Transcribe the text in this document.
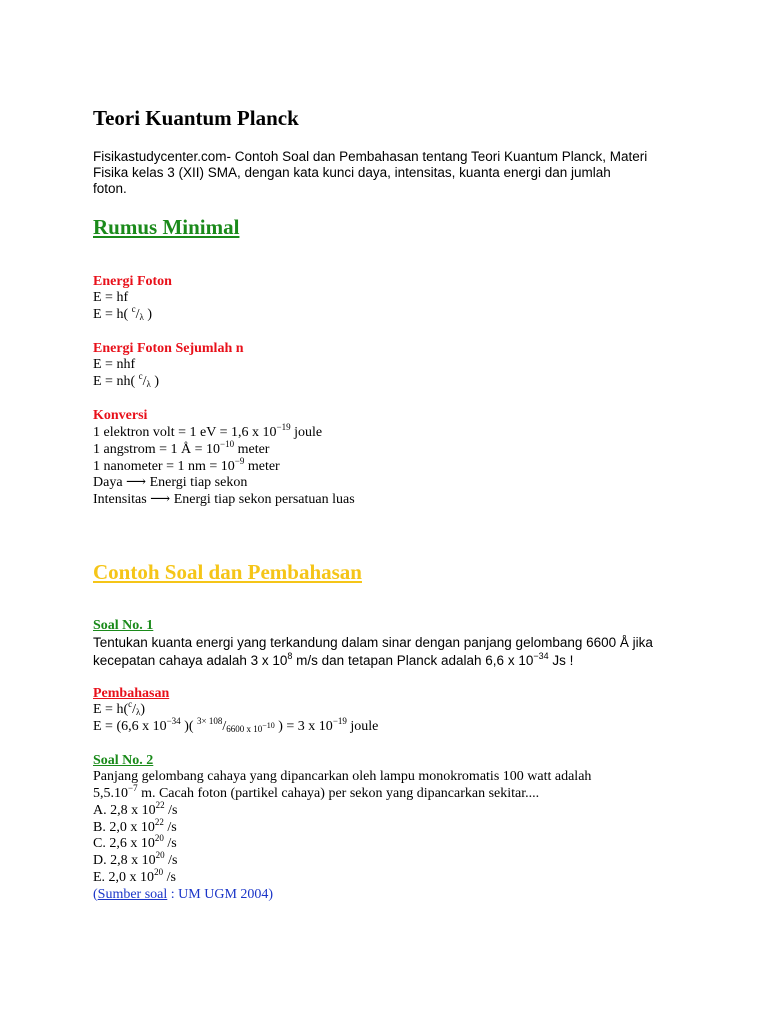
Teori Kuantum Planck
Fisikastudycenter.com- Contoh Soal dan Pembahasan tentang Teori Kuantum Planck, Materi
Fisika kelas 3 (XII) SMA, dengan kata kunci daya, intensitas, kuanta energi dan jumlah
foton.
Rumus Minimal
Energi Foton
E = hf
E = h( $^c/_\lambda$ )
Energi Foton Sejumlah n
E = nhf
E = nh( $^c/_\lambda$ )
Konversi
1 elektron volt = 1 eV = 1,6 x $10^{-19}$ joule
1 angstrom = 1 Å = $10^{-10}$ meter
1 nanometer = 1 nm = $10^{-9}$ meter
Daya ⟶ Energi tiap sekon
Intensitas ⟶ Energi tiap sekon persatuan luas
Contoh Soal dan Pembahasan
Soal No. 1
Tentukan kuanta energi yang terkandung dalam sinar dengan panjang gelombang 6600 Å jika
kecepatan cahaya adalah 3 x $10^8$ m/s dan tetapan Planck adalah 6,6 x $10^{-34}$ Js !
Pembahasan
$E = h(^c/_\lambda)$
E = (6,6 x $10^{-34}$ )( $^{3\times 108}/_{6600 x 10^{-10}}$ ) = 3 x $10^{-19}$ joule
Soal No. 2
Panjang gelombang cahaya yang dipancarkan oleh lampu monokromatis 100 watt adalah
$5,5.10^{-7}$ m. Cacah foton (partikel cahaya) per sekon yang dipancarkan sekitar....
A. 2,8 x $10^{22}$ /s
B. 2,0 x $10^{22}$ /s
C. 2,6 x $10^{20}$ /s
D. 2,8 x $10^{20}$ /s
E. 2,0 x $10^{20}$ /s
(Sumber soal : UM UGM 2004)
